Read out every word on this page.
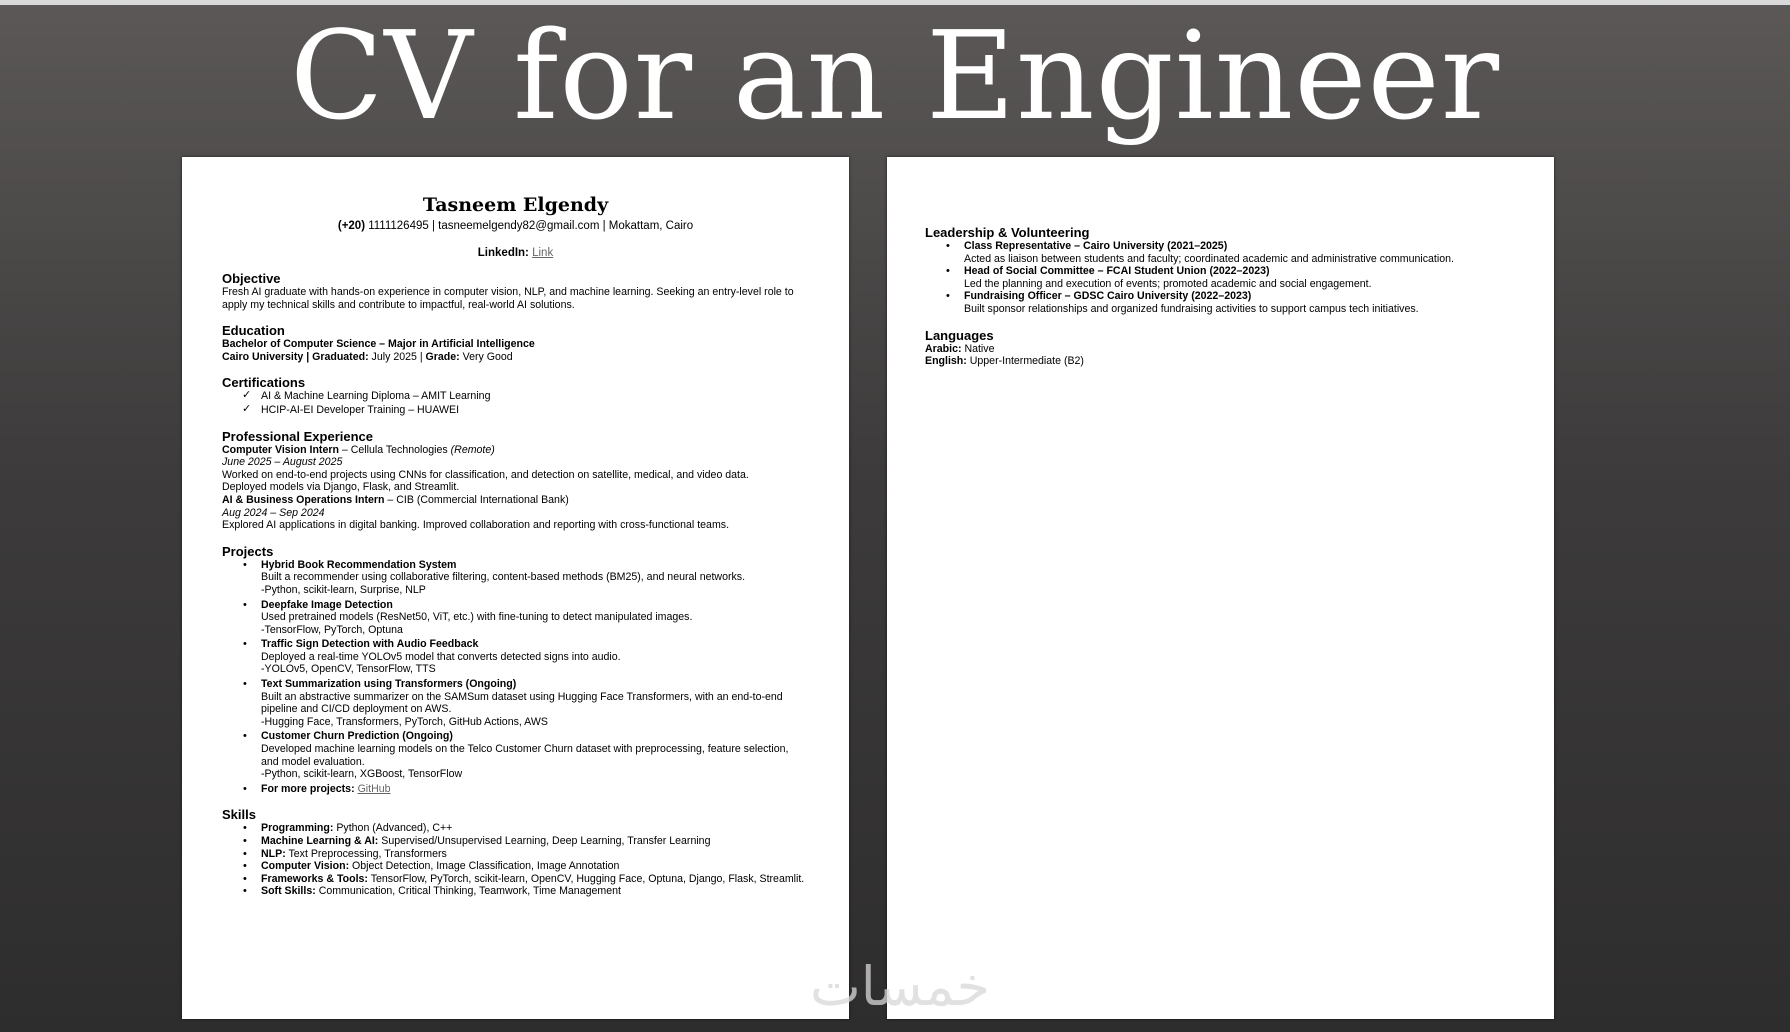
CV for an Engineer
Tasneem Elgendy
(+20) 1111126495 | tasneemelgendy82@gmail.com | Mokattam, Cairo
LinkedIn: Link
Objective

Fresh AI graduate with hands-on experience in computer vision, NLP, and machine learning. Seeking an entry-level role to apply my technical skills and contribute to impactful, real-world AI solutions.

Education

Bachelor of Computer Science – Major in Artificial Intelligence

Cairo University | Graduated: July 2025 | Grade: Very Good

Certifications
✓ AI & Machine Learning Diploma – AMIT Learning
✓ HCIP-AI-EI Developer Training – HUAWEI
Professional Experience

Computer Vision Intern – Cellula Technologies (Remote)

June 2025 – August 2025

Worked on end-to-end projects using CNNs for classification, and detection on satellite, medical, and video data.

Deployed models via Django, Flask, and Streamlit.

AI & Business Operations Intern – CIB (Commercial International Bank)

Aug 2024 – Sep 2024

Explored AI applications in digital banking. Improved collaboration and reporting with cross-functional teams.

Projects
• Hybrid Book Recommendation System
Built a recommender using collaborative filtering, content-based methods (BM25), and neural networks.
-Python, scikit-learn, Surprise, NLP
• Deepfake Image Detection
Used pretrained models (ResNet50, ViT, etc.) with fine-tuning to detect manipulated images.
-TensorFlow, PyTorch, Optuna
• Traffic Sign Detection with Audio Feedback
Deployed a real-time YOLOv5 model that converts detected signs into audio.
-YOLOv5, OpenCV, TensorFlow, TTS
• Text Summarization using Transformers (Ongoing)
Built an abstractive summarizer on the SAMSum dataset using Hugging Face Transformers, with an end-to-end pipeline and CI/CD deployment on AWS.
-Hugging Face, Transformers, PyTorch, GitHub Actions, AWS
• Customer Churn Prediction (Ongoing)
Developed machine learning models on the Telco Customer Churn dataset with preprocessing, feature selection, and model evaluation.
-Python, scikit-learn, XGBoost, TensorFlow
• For more projects: GitHub
Skills
• Programming: Python (Advanced), C++
• Machine Learning & AI: Supervised/Unsupervised Learning, Deep Learning, Transfer Learning
• NLP: Text Preprocessing, Transformers
• Computer Vision: Object Detection, Image Classification, Image Annotation
• Frameworks & Tools: TensorFlow, PyTorch, scikit-learn, OpenCV, Hugging Face, Optuna, Django, Flask, Streamlit.
• Soft Skills: Communication, Critical Thinking, Teamwork, Time Management
Leadership & Volunteering
• Class Representative – Cairo University (2021–2025)
Acted as liaison between students and faculty; coordinated academic and administrative communication.
• Head of Social Committee – FCAI Student Union (2022–2023)
Led the planning and execution of events; promoted academic and social engagement.
• Fundraising Officer – GDSC Cairo University (2022–2023)
Built sponsor relationships and organized fundraising activities to support campus tech initiatives.
Languages

Arabic: Native

English: Upper-Intermediate (B2)

خمسات
